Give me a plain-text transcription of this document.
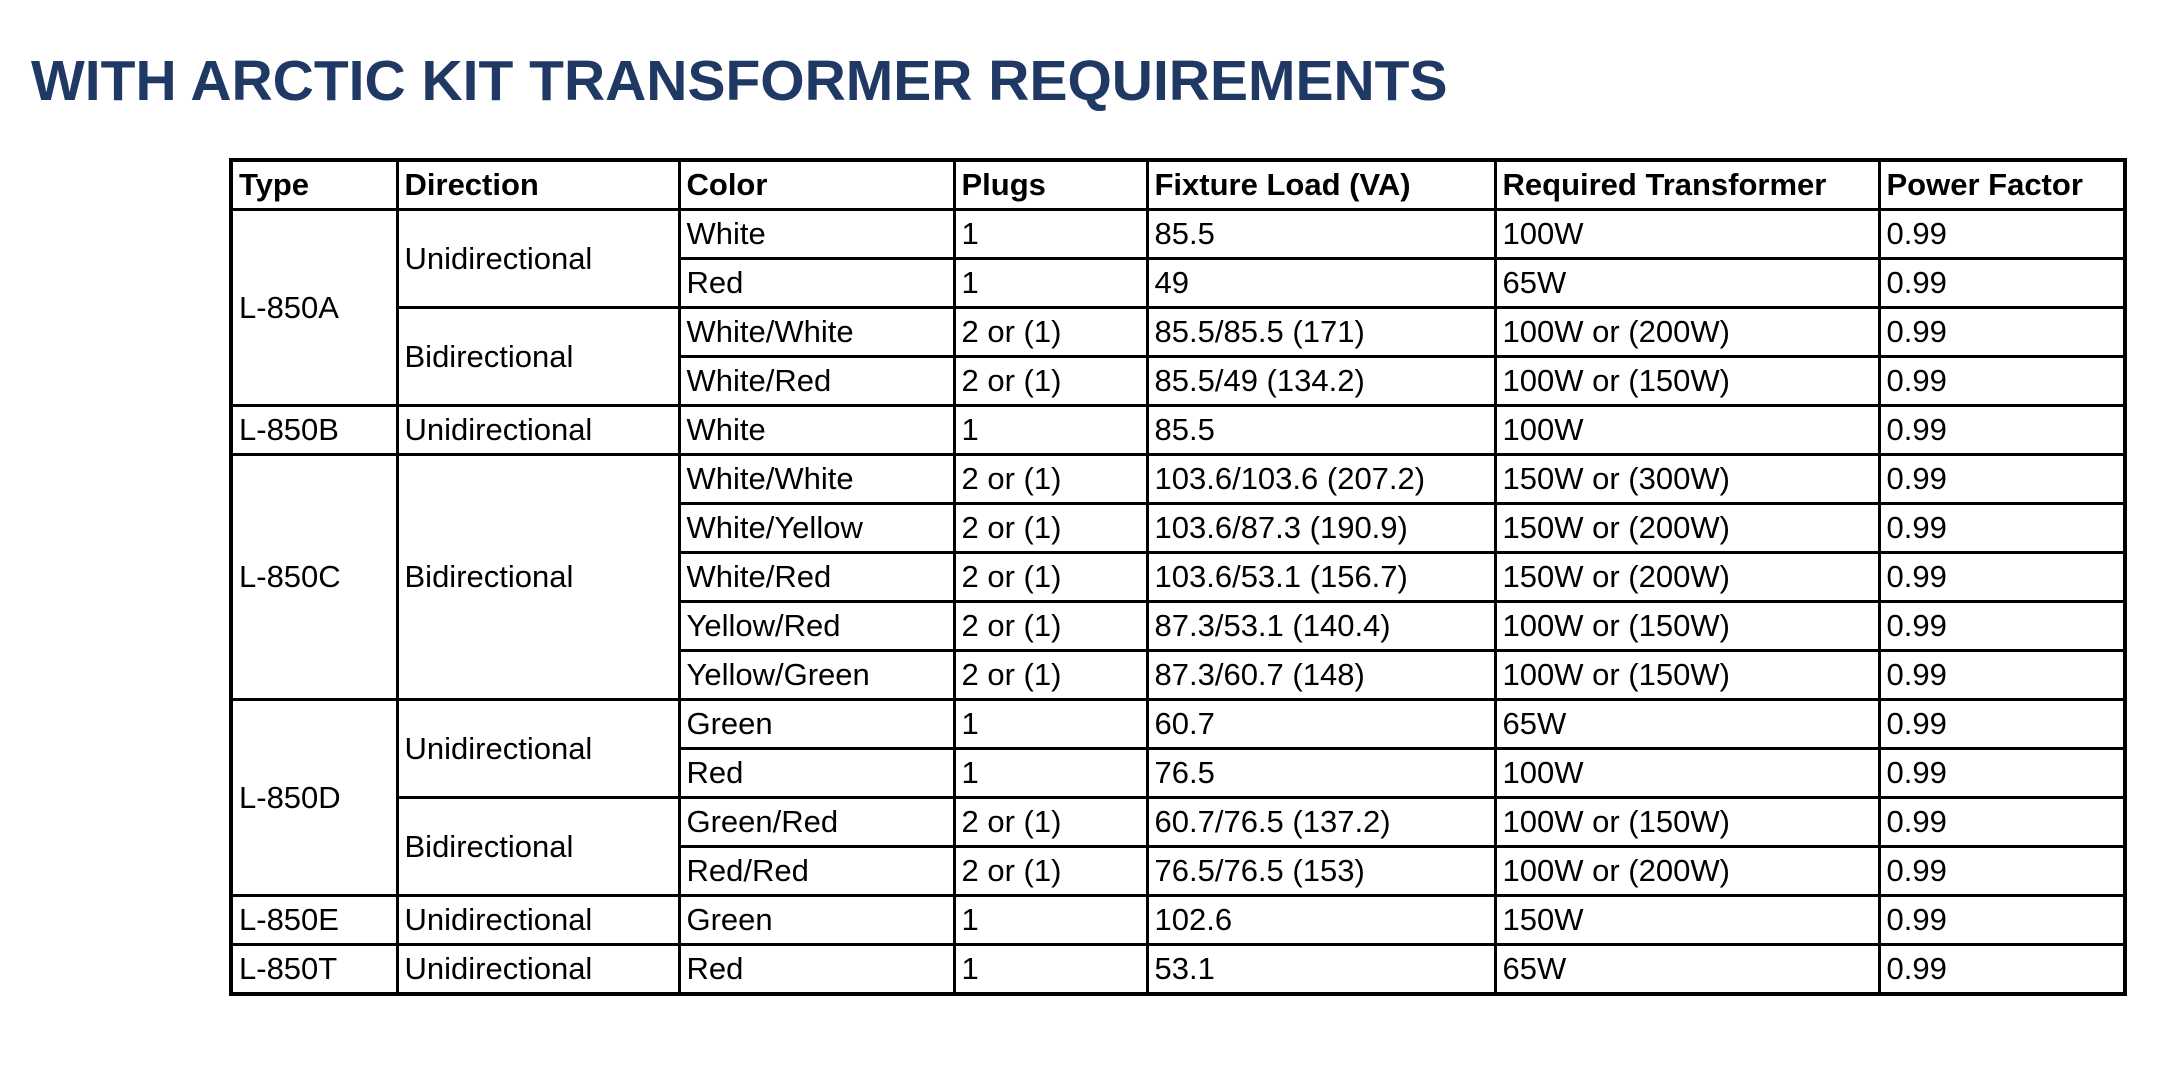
WITH ARCTIC KIT TRANSFORMER REQUIREMENTS
Type	Direction	Color	Plugs	Fixture Load (VA)	Required Transformer	Power Factor
L-850A	Unidirectional	White	1	85.5	100W	0.99
		Red	1	49	65W	0.99
	Bidirectional	White/White	2 or (1)	85.5/85.5 (171)	100W or (200W)	0.99
		White/Red	2 or (1)	85.5/49 (134.2)	100W or (150W)	0.99
L-850B	Unidirectional	White	1	85.5	100W	0.99
L-850C	Bidirectional	White/White	2 or (1)	103.6/103.6 (207.2)	150W or (300W)	0.99
		White/Yellow	2 or (1)	103.6/87.3 (190.9)	150W or (200W)	0.99
		White/Red	2 or (1)	103.6/53.1 (156.7)	150W or (200W)	0.99
		Yellow/Red	2 or (1)	87.3/53.1 (140.4)	100W or (150W)	0.99
		Yellow/Green	2 or (1)	87.3/60.7 (148)	100W or (150W)	0.99
L-850D	Unidirectional	Green	1	60.7	65W	0.99
		Red	1	76.5	100W	0.99
	Bidirectional	Green/Red	2 or (1)	60.7/76.5 (137.2)	100W or (150W)	0.99
		Red/Red	2 or (1)	76.5/76.5 (153)	100W or (200W)	0.99
L-850E	Unidirectional	Green	1	102.6	150W	0.99
L-850T	Unidirectional	Red	1	53.1	65W	0.99
